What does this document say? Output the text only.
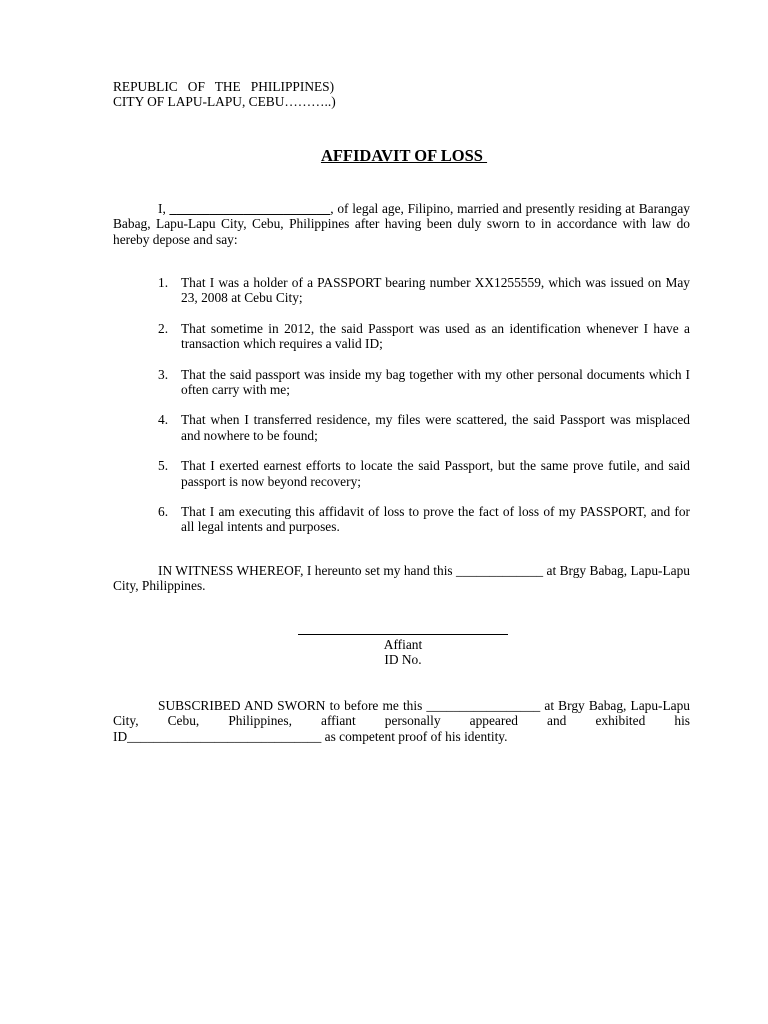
REPUBLIC   OF   THE   PHILIPPINES)
CITY OF LAPU-LAPU, CEBU………..)
AFFIDAVIT OF LOSS

I, ________________________, of legal age, Filipino, married and presently residing at Barangay Babag, Lapu-Lapu City, Cebu, Philippines after having been duly sworn to in accordance with law do hereby depose and say:

1. That I was a holder of a PASSPORT bearing number XX1255559, which was issued on May 23, 2008 at Cebu City;
2. That sometime in 2012, the said Passport was used as an identification whenever I have a transaction which requires a valid ID;
3. That the said passport was inside my bag together with my other personal documents which I often carry with me;
4. That when I transferred residence, my files were scattered, the said Passport was misplaced and nowhere to be found;
5. That I exerted earnest efforts to locate the said Passport, but the same prove futile, and said passport is now beyond recovery;
6. That I am executing this affidavit of loss to prove the fact of loss of my PASSPORT, and for all legal intents and purposes.

IN WITNESS WHEREOF, I hereunto set my hand this _____________ at Brgy Babag, Lapu-Lapu City, Philippines.

Affiant
ID No.

SUBSCRIBED AND SWORN to before me this _________________ at Brgy Babag, Lapu-Lapu City, Cebu, Philippines, affiant personally appeared and exhibited his ID_____________________________ as competent proof of his identity.
